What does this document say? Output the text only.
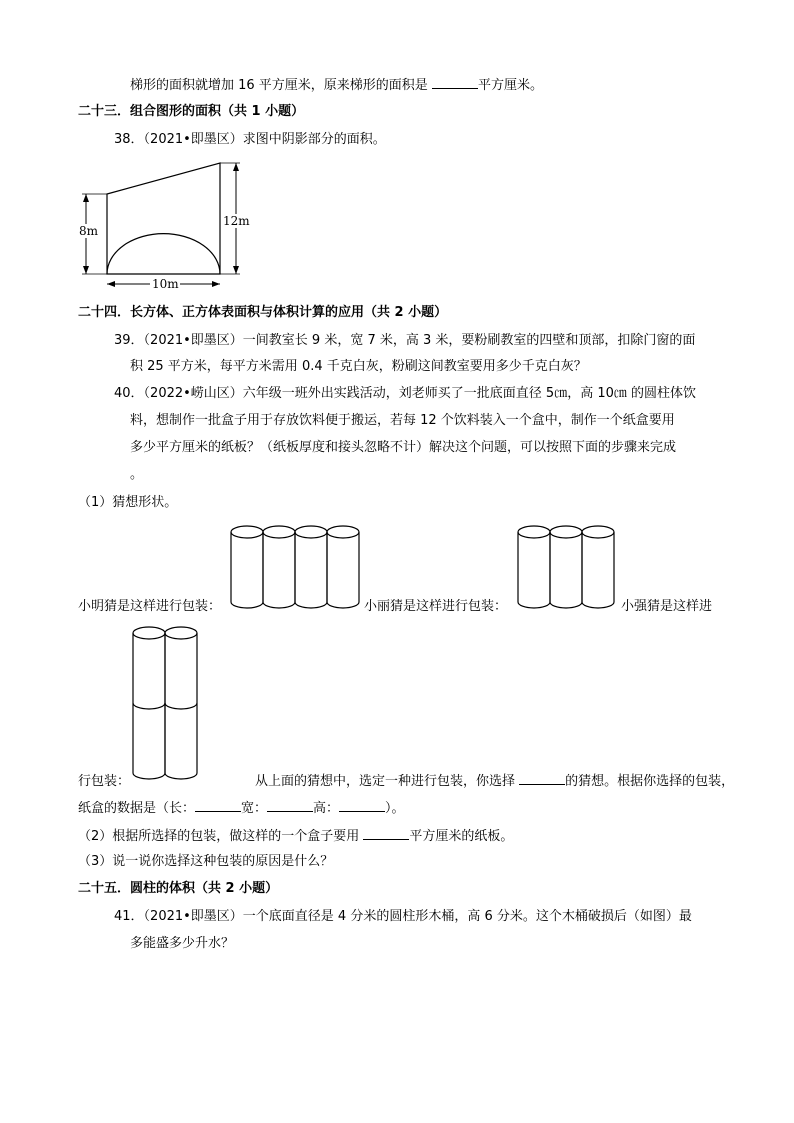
梯形的面积就增加 16 平方厘米，原来梯形的面积是	平方厘米。
二十三．组合图形的面积（共 1 小题）
38．（2021•即墨区）求图中阴影部分的面积。
8m
12m
10m
二十四．长方体、正方体表面积与体积计算的应用（共 2 小题）
39．（2021•即墨区）一间教室长 9 米，宽 7 米，高 3 米，要粉刷教室的四壁和顶部，扣除门窗的面
积 25 平方米，每平方米需用 0.4 千克白灰，粉刷这间教室要用多少千克白灰？
40．（2022•崂山区）六年级一班外出实践活动，刘老师买了一批底面直径 5㎝，高 10㎝ 的圆柱体饮
料，想制作一批盒子用于存放饮料便于搬运，若每 12 个饮料装入一个盒中，制作一个纸盒要用
多少平方厘米的纸板？（纸板厚度和接头忽略不计）解决这个问题，可以按照下面的步骤来完成
。
（1）猜想形状。
小明猜是这样进行包装：	小丽猜是这样进行包装：	小强猜是这样进
行包装：	从上面的猜想中，选定一种进行包装，你选择	的猜想。根据你选择的包装，
纸盒的数据是（长：	宽：	高：	）。
（2）根据所选择的包装，做这样的一个盒子要用	平方厘米的纸板。
（3）说一说你选择这种包装的原因是什么？
二十五．圆柱的体积（共 2 小题）
41．（2021•即墨区）一个底面直径是 4 分米的圆柱形木桶，高 6 分米。这个木桶破损后（如图）最
多能盛多少升水？
